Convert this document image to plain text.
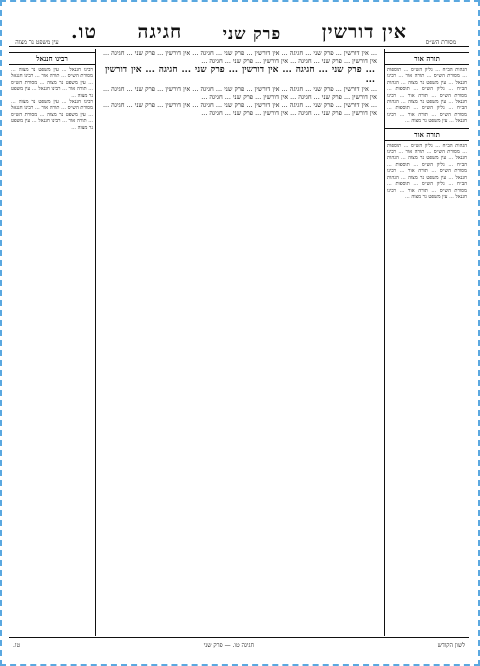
מסורת הש״ס
אין דורשין
פרק שני
חגיגה
טו.
עין משפט נר מצוה
תורה אור
הגהות הב״ח ... גליון הש״ס ... תוספות ... מסורת הש״ס ... תורה אור ... רבינו חננאל ... עין משפט נר מצוה ... הגהות הב״ח ... גליון הש״ס ... תוספות ... מסורת הש״ס ... תורה אור ... רבינו חננאל ... עין משפט נר מצוה ... הגהות הב״ח ... גליון הש״ס ... תוספות ... מסורת הש״ס ... תורה אור ... רבינו חננאל ... עין משפט נר מצוה ...
תורה אור
הגהות הב״ח ... גליון הש״ס ... תוספות ... מסורת הש״ס ... תורה אור ... רבינו חננאל ... עין משפט נר מצוה ... הגהות הב״ח ... גליון הש״ס ... תוספות ... מסורת הש״ס ... תורה אור ... רבינו חננאל ... עין משפט נר מצוה ... הגהות הב״ח ... גליון הש״ס ... תוספות ... מסורת הש״ס ... תורה אור ... רבינו חננאל ... עין משפט נר מצוה ...
... אין דורשין ... פרק שני ... חגיגה ... אין דורשין ... פרק שני ... חגיגה ... אין דורשין ... פרק שני ... חגיגה ... אין דורשין ... פרק שני ... חגיגה ... אין דורשין ... פרק שני ... חגיגה ...
... פרק שני ... חגיגה ... אין דורשין ... פרק שני ... חגיגה ... אין דורשין ...
... אין דורשין ... פרק שני ... חגיגה ... אין דורשין ... פרק שני ... חגיגה ... אין דורשין ... פרק שני ... חגיגה ... אין דורשין ... פרק שני ... חגיגה ... אין דורשין ... פרק שני ... חגיגה ...
... אין דורשין ... פרק שני ... חגיגה ... אין דורשין ... פרק שני ... חגיגה ... אין דורשין ... פרק שני ... חגיגה ... אין דורשין ... פרק שני ... חגיגה ... אין דורשין ... פרק שני ... חגיגה ...
רבינו חננאל
רבינו חננאל ... עין משפט נר מצוה ... מסורת הש״ס ... תורה אור ... רבינו חננאל ... עין משפט נר מצוה ... מסורת הש״ס ... תורה אור ... רבינו חננאל ... עין משפט נר מצוה ...
רבינו חננאל ... עין משפט נר מצוה ... מסורת הש״ס ... תורה אור ... רבינו חננאל ... עין משפט נר מצוה ... מסורת הש״ס ... תורה אור ... רבינו חננאל ... עין משפט נר מצוה ...
לשון הקודש
חגיגה טו. — פרק שני
טו.
